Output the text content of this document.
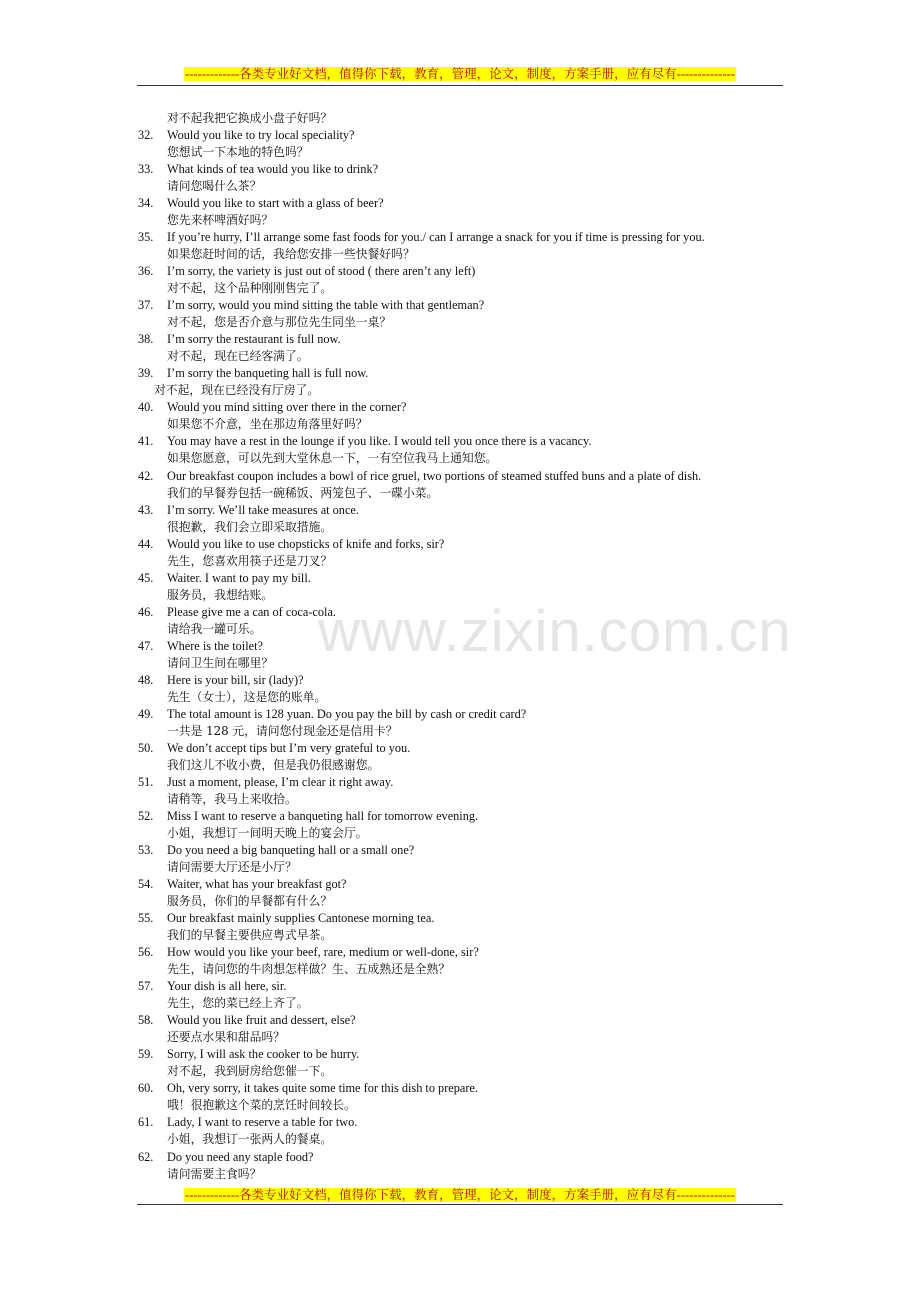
-------------各类专业好文档，值得你下载，教育，管理，论文，制度，方案手册，应有尽有--------------
www.zixin.com.cn
对不起我把它换成小盘子好吗？
32.	Would you like to try local speciality?
您想试一下本地的特色吗？
33.	What kinds of tea would you like to drink?
请问您喝什么茶？
34.	Would you like to start with a glass of beer?
您先来杯啤酒好吗？
35.	If you’re hurry, I’ll arrange some fast foods for you./ can I arrange a snack for you if time is pressing for you.
如果您赶时间的话，我给您安排一些快餐好吗？
36.	I’m sorry, the variety is just out of stood ( there aren’t any left)
对不起，这个品种刚刚售完了。
37.	I’m sorry, would you mind sitting the table with that gentleman?
对不起，您是否介意与那位先生同坐一桌？
38.	I’m sorry the restaurant is full now.
对不起，现在已经客满了。
39.	I’m sorry the banqueting hall is full now.
对不起，现在已经没有厅房了。
40.	Would you mind sitting over there in the corner?
如果您不介意，坐在那边角落里好吗？
41.	You may have a rest in the lounge if you like. I would tell you once there is a vacancy.
如果您愿意，可以先到大堂休息一下，一有空位我马上通知您。
42.	Our breakfast coupon includes a bowl of rice gruel, two portions of steamed stuffed buns and a plate of dish.
我们的早餐券包括一碗稀饭、两笼包子、一碟小菜。
43.	I’m sorry. We’ll take measures at once.
很抱歉，我们会立即采取措施。
44.	Would you like to use chopsticks of knife and forks, sir?
先生，您喜欢用筷子还是刀叉？
45.	Waiter. I want to pay my bill.
服务员，我想结账。
46.	Please give me a can of coca-cola.
请给我一罐可乐。
47.	Where is the toilet?
请问卫生间在哪里？
48.	Here is your bill, sir (lady)?
先生（女士），这是您的账单。
49.	The total amount is 128 yuan. Do you pay the bill by cash or credit card?
一共是 128 元，请问您付现金还是信用卡？
50.	We don’t accept tips but I’m very grateful to you.
我们这儿不收小费，但是我仍很感谢您。
51.	Just a moment, please, I’m clear it right away.
请稍等，我马上来收拾。
52.	Miss I want to reserve a banqueting hall for tomorrow evening.
小姐，我想订一间明天晚上的宴会厅。
53.	Do you need a big banqueting hall or a small one?
请问需要大厅还是小厅？
54.	Waiter, what has your breakfast got?
服务员，你们的早餐都有什么？
55.	Our breakfast mainly supplies Cantonese morning tea.
我们的早餐主要供应粤式早茶。
56.	How would you like your beef, rare, medium or well-done, sir?
先生，请问您的牛肉想怎样做？生、五成熟还是全熟？
57.	Your dish is all here, sir.
先生，您的菜已经上齐了。
58.	Would you like fruit and dessert, else?
还要点水果和甜品吗？
59.	Sorry, I will ask the cooker to be hurry.
对不起，我到厨房给您催一下。
60.	Oh, very sorry, it takes quite some time for this dish to prepare.
哦！很抱歉这个菜的烹饪时间较长。
61.	Lady, I want to reserve a table for two.
小姐，我想订一张两人的餐桌。
62.	Do you need any staple food?
请问需要主食吗？
-------------各类专业好文档，值得你下载，教育，管理，论文，制度，方案手册，应有尽有--------------
